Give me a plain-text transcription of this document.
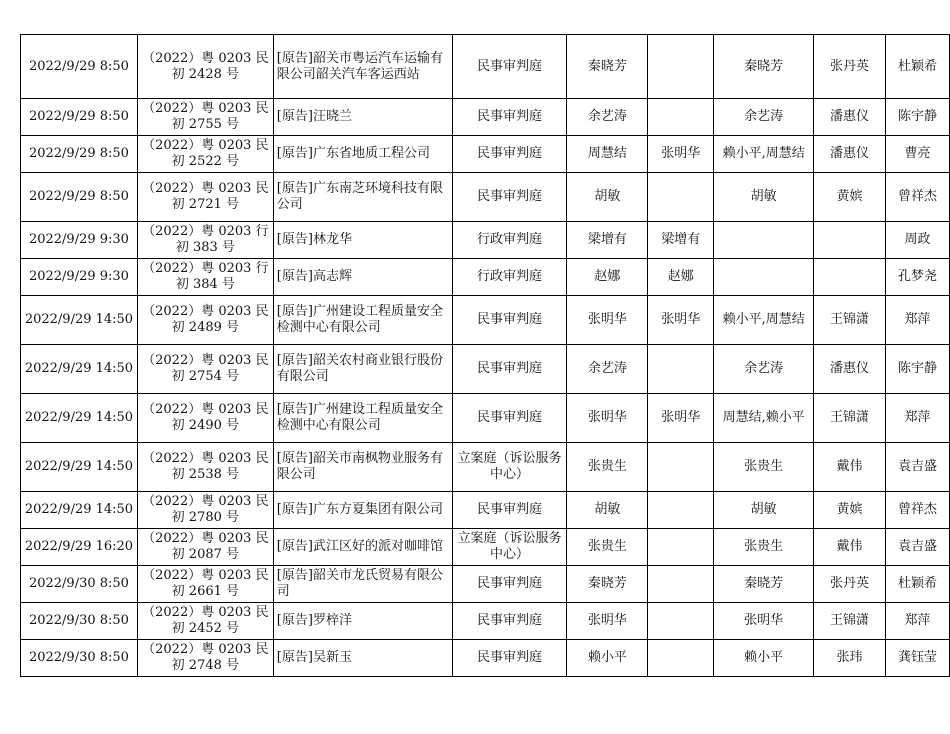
2022/9/29 8:50	（2022）粤 0203 民初 2428 号	[原告]韶关市粤运汽车运输有限公司韶关汽车客运西站	民事审判庭	秦晓芳		秦晓芳	张丹英	杜颖希
2022/9/29 8:50	（2022）粤 0203 民初 2755 号	[原告]汪晓兰	民事审判庭	余艺涛		余艺涛	潘惠仪	陈宇静
2022/9/29 8:50	（2022）粤 0203 民初 2522 号	[原告]广东省地质工程公司	民事审判庭	周慧结	张明华	赖小平,周慧结	潘惠仪	曹亮
2022/9/29 8:50	（2022）粤 0203 民初 2721 号	[原告]广东南芝环境科技有限公司	民事审判庭	胡敏		胡敏	黄嫔	曾祥杰
2022/9/29 9:30	（2022）粤 0203 行初 383 号	[原告]林龙华	行政审判庭	梁增有	梁增有			周政
2022/9/29 9:30	（2022）粤 0203 行初 384 号	[原告]高志辉	行政审判庭	赵娜	赵娜			孔梦尧
2022/9/29 14:50	（2022）粤 0203 民初 2489 号	[原告]广州建设工程质量安全检测中心有限公司	民事审判庭	张明华	张明华	赖小平,周慧结	王锦潇	郑萍
2022/9/29 14:50	（2022）粤 0203 民初 2754 号	[原告]韶关农村商业银行股份有限公司	民事审判庭	余艺涛		余艺涛	潘惠仪	陈宇静
2022/9/29 14:50	（2022）粤 0203 民初 2490 号	[原告]广州建设工程质量安全检测中心有限公司	民事审判庭	张明华	张明华	周慧结,赖小平	王锦潇	郑萍
2022/9/29 14:50	（2022）粤 0203 民初 2538 号	[原告]韶关市南枫物业服务有限公司	立案庭（诉讼服务中心）	张贵生		张贵生	戴伟	袁吉盛
2022/9/29 14:50	（2022）粤 0203 民初 2780 号	[原告]广东方夏集团有限公司	民事审判庭	胡敏		胡敏	黄嫔	曾祥杰
2022/9/29 16:20	（2022）粤 0203 民初 2087 号	[原告]武江区好的派对咖啡馆	立案庭（诉讼服务中心）	张贵生		张贵生	戴伟	袁吉盛
2022/9/30 8:50	（2022）粤 0203 民初 2661 号	[原告]韶关市龙氏贸易有限公司	民事审判庭	秦晓芳		秦晓芳	张丹英	杜颖希
2022/9/30 8:50	（2022）粤 0203 民初 2452 号	[原告]罗梓洋	民事审判庭	张明华		张明华	王锦潇	郑萍
2022/9/30 8:50	（2022）粤 0203 民初 2748 号	[原告]吴新玉	民事审判庭	赖小平		赖小平	张玮	龚钰莹
